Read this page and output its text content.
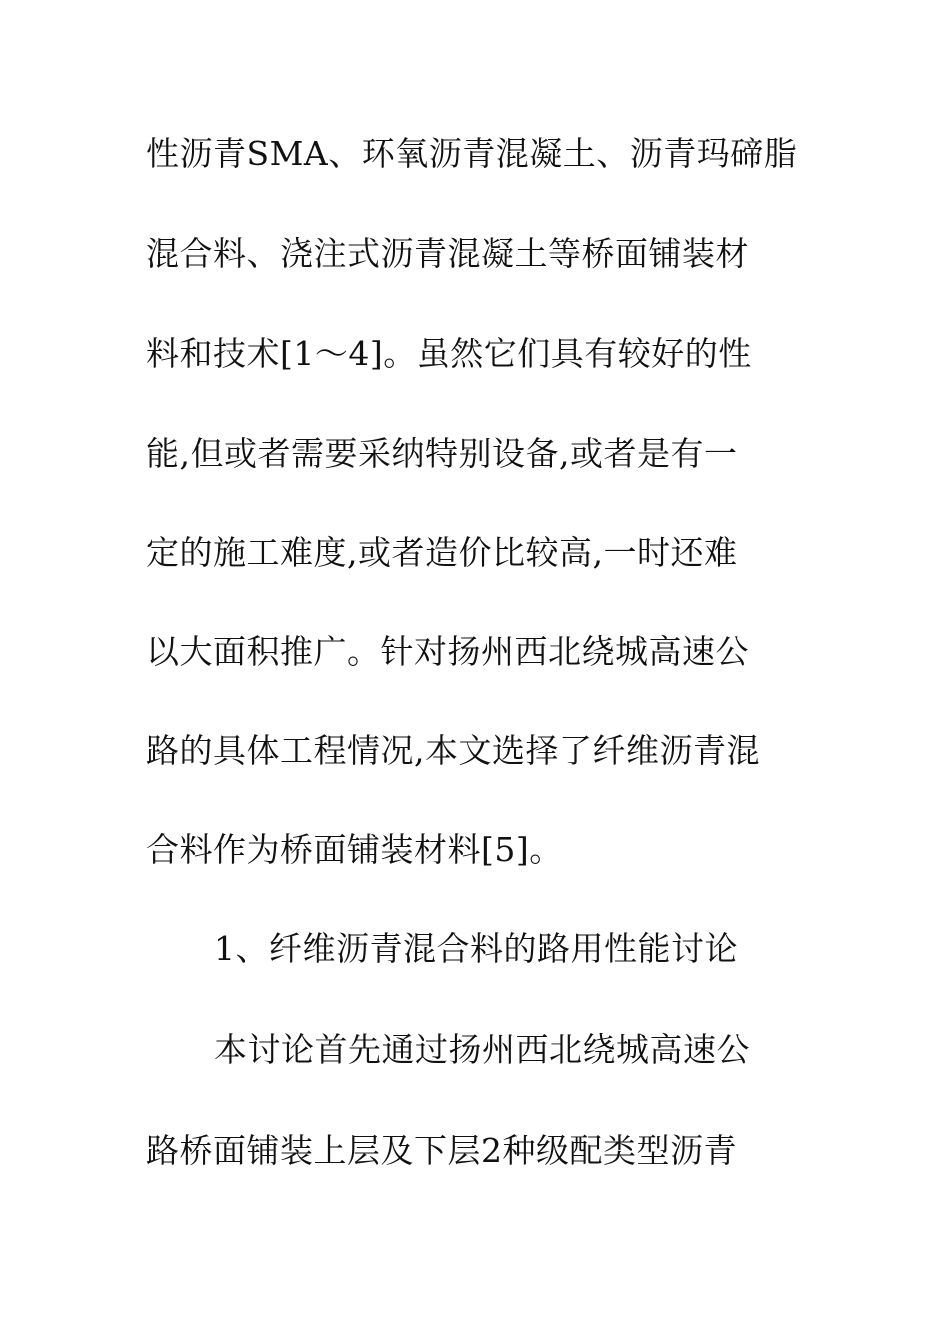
性沥青SMA、环氧沥青混凝土、沥青玛碲脂
混合料、浇注式沥青混凝土等桥面铺装材
料和技术[1～4]。虽然它们具有较好的性
能,但或者需要采纳特别设备,或者是有一
定的施工难度,或者造价比较高,一时还难
以大面积推广。针对扬州西北绕城高速公
路的具体工程情况,本文选择了纤维沥青混
合料作为桥面铺装材料[5]。
1、纤维沥青混合料的路用性能讨论
本讨论首先通过扬州西北绕城高速公
路桥面铺装上层及下层2种级配类型沥青
